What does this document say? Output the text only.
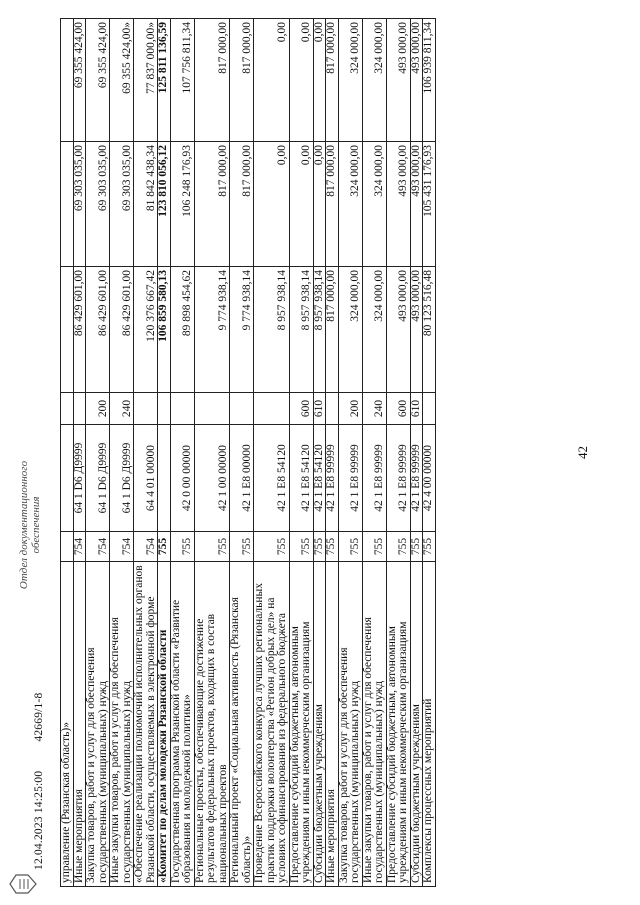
12.04.2023 14:25:00 42669/1-8
Отдел документационного обеспечения
управление (Рязанская область)»						
Иные мероприятия	754	64 1 D6 Д9999		86 429 601,00	69 303 035,00	69 355 424,00
Закупка товаров, работ и услуг для обеспечения государственных (муниципальных) нужд	754	64 1 D6 Д9999	200	86 429 601,00	69 303 035,00	69 355 424,00
Иные закупки товаров, работ и услуг для обеспечения государственных (муниципальных) нужд	754	64 1 D6 Д9999	240	86 429 601,00	69 303 035,00	69 355 424,00»
«Обеспечение реализации полномочий исполнительных органов Рязанской области, осуществляемых в электронной форме	754	64 4 01 00000		120 376 667,42	81 842 438,34	77 837 000,00»
«Комитет по делам молодежи Рязанской области	755			106 859 580,13	123 810 056,12	125 811 136,59
Государственная программа Рязанской области «Развитие образования и молодежной политики»	755	42 0 00 00000		89 898 454,62	106 248 176,93	107 756 811,34
Региональные проекты, обеспечивающие достижение результатов федеральных проектов, входящих в состав национальных проектов	755	42 1 00 00000		9 774 938,14	817 000,00	817 000,00
Региональный проект «Социальная активность (Рязанская область)»	755	42 1 E8 00000		9 774 938,14	817 000,00	817 000,00
Проведение Всероссийского конкурса лучших региональных практик поддержки волонтерства «Регион добрых дел» на условиях софинансирования из федерального бюджета	755	42 1 E8 54120		8 957 938,14	0,00	0,00
Предоставление субсидий бюджетным, автономным учреждениям и иным некоммерческим организациям	755	42 1 E8 54120	600	8 957 938,14	0,00	0,00
Субсидии бюджетным учреждениям	755	42 1 E8 54120	610	8 957 938,14	0,00	0,00
Иные мероприятия	755	42 1 E8 99999		817 000,00	817 000,00	817 000,00
Закупка товаров, работ и услуг для обеспечения государственных (муниципальных) нужд	755	42 1 E8 99999	200	324 000,00	324 000,00	324 000,00
Иные закупки товаров, работ и услуг для обеспечения государственных (муниципальных) нужд	755	42 1 E8 99999	240	324 000,00	324 000,00	324 000,00
Предоставление субсидий бюджетным, автономным учреждениям и иным некоммерческим организациям	755	42 1 E8 99999	600	493 000,00	493 000,00	493 000,00
Субсидии бюджетным учреждениям	755	42 1 E8 99999	610	493 000,00	493 000,00	493 000,00
Комплексы процессных мероприятий	755	42 4 00 00000		80 123 516,48	105 431 176,93	106 939 811,34
42
